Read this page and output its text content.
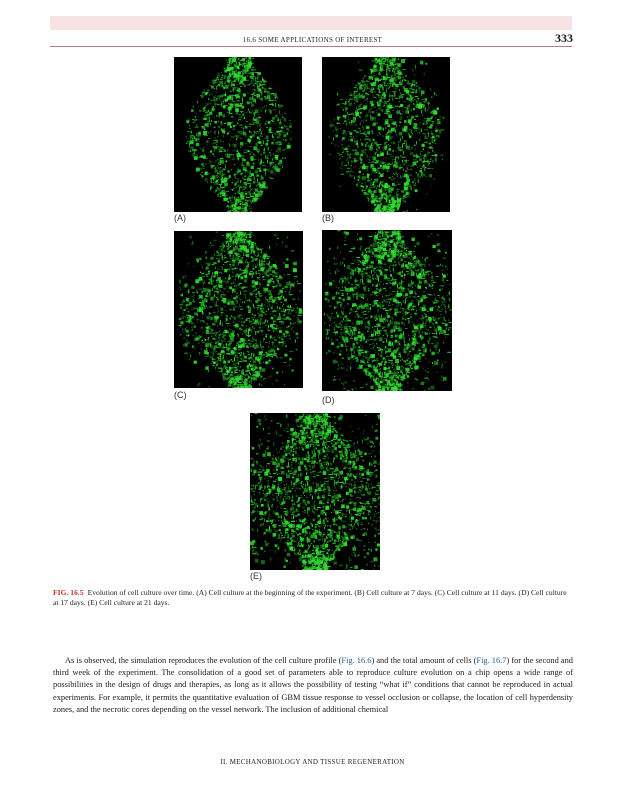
16.6 SOME APPLICATIONS OF INTEREST	333
(A)	(B)
(C)	(D)
(E)
FIG. 16.5 Evolution of cell culture over time. (A) Cell culture at the beginning of the experiment. (B) Cell culture at 7 days. (C) Cell culture at 11 days. (D) Cell culture at 17 days. (E) Cell culture at 21 days.
As is observed, the simulation reproduces the evolution of the cell culture profile (Fig. 16.6) and the total amount of cells (Fig. 16.7) for the second and third week of the experiment. The consolidation of a good set of parameters able to reproduce culture evolution on a chip opens a wide range of possibilities in the design of drugs and therapies, as long as it allows the possibility of testing “what if” conditions that cannot be reproduced in actual experiments. For example, it permits the quantitative evaluation of GBM tissue response to vessel occlusion or collapse, the location of cell hyperdensity zones, and the necrotic cores depending on the vessel network. The inclusion of additional chemical
II. MECHANOBIOLOGY AND TISSUE REGENERATION
